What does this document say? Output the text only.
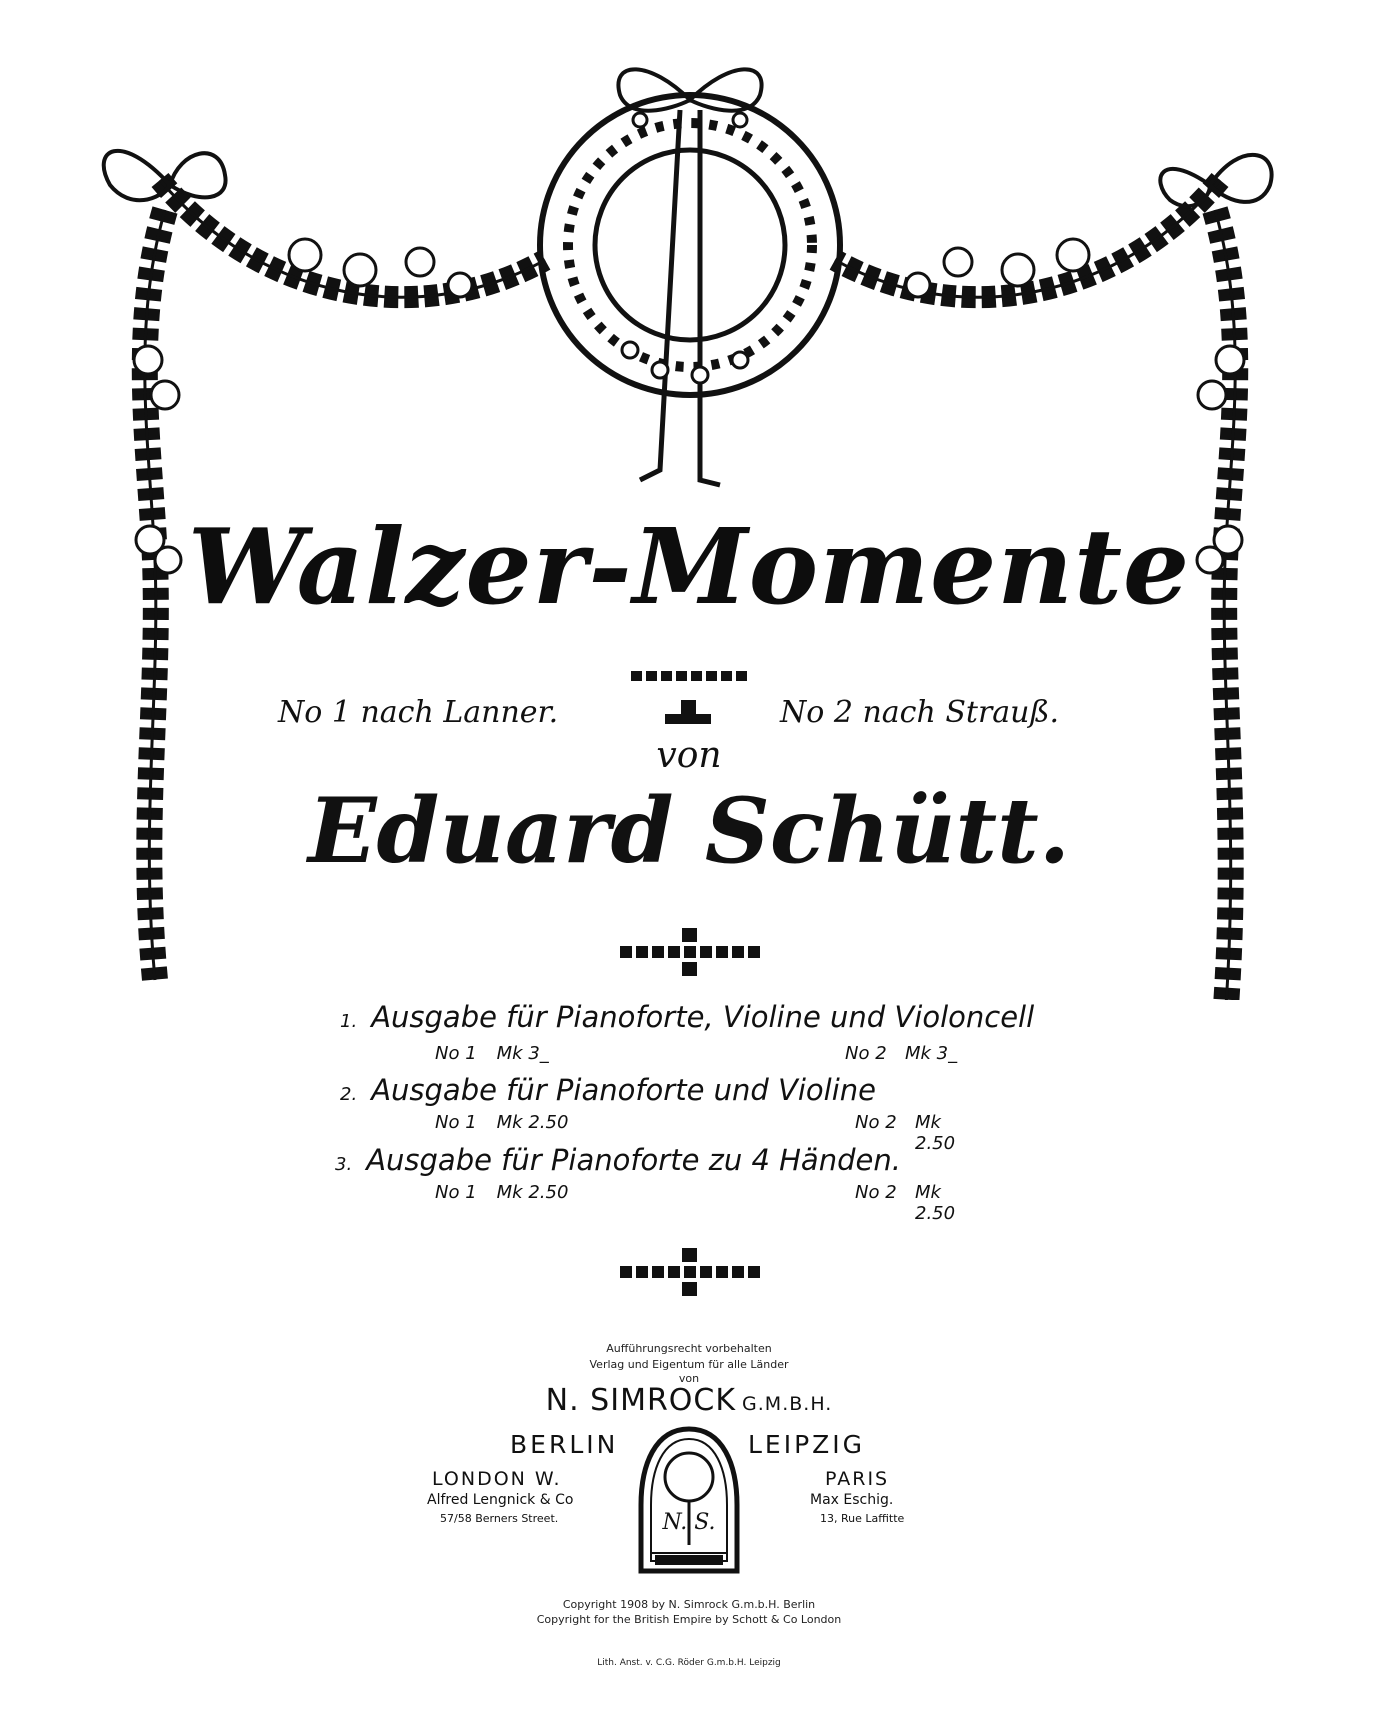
Walzer-Momente
No 1 nach Lanner.	No 2 nach Strauß.
von
Eduard Schütt.
1. Ausgabe für Pianoforte, Violine und Violoncell
No 1 Mk 3_	No 2 Mk 3_
2. Ausgabe für Pianoforte und Violine
No 1 Mk 2.50	No 2 Mk 2.50
3. Ausgabe für Pianoforte zu 4 Händen.
No 1 Mk 2.50	No 2 Mk 2.50
Aufführungsrecht vorbehalten
Verlag und Eigentum für alle Länder
von
N. SIMROCK G.M.B.H.
BERLIN	LEIPZIG
N. S.
LONDON W.
Alfred Lengnick & Co
57/58 Berners Street.
PARIS
Max Eschig.
13, Rue Laffitte
Copyright 1908 by N. Simrock G.m.b.H. Berlin
Copyright for the British Empire by Schott & Co London
Lith. Anst. v. C.G. Röder G.m.b.H. Leipzig
